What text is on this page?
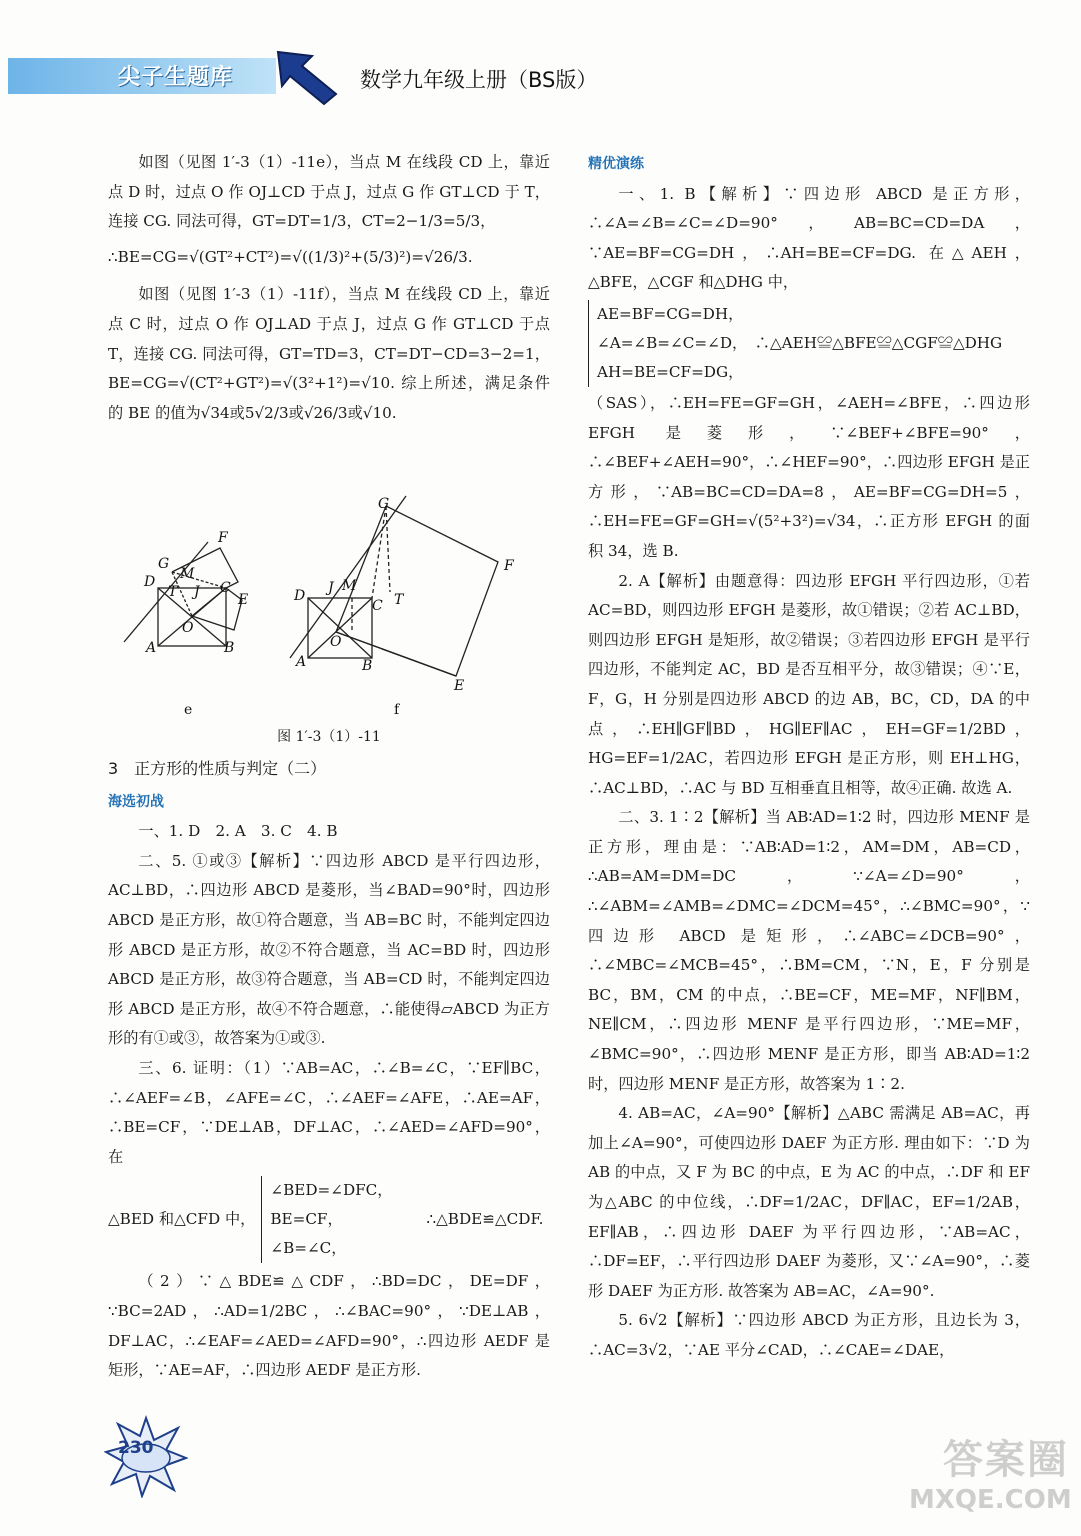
尖子生题库	数学九年级上册（BS版）

如图（见图 1′-3（1）-11e），当点 M 在线段 CD 上，靠近点 D 时，过点 O 作 OJ⊥CD 于点 J，过点 G 作 GT⊥CD 于 T，连接 CG. 同法可得，GT=DT=1/3，CT=2−1/3=5/3，

∴BE=CG=√(GT²+CT²)=√((1/3)²+(5/3)²)=√26/3.

如图（见图 1′-3（1）-11f），当点 M 在线段 CD 上，靠近点 C 时，过点 O 作 OJ⊥AD 于点 J，过点 G 作 GT⊥CD 于点 T，连接 CG. 同法可得，GT=TD=3，CT=DT−CD=3−2=1，BE=CG=√(CT²+GT²)=√(3²+1²)=√10. 综上所述，满足条件的 BE 的值为√34或5√2/3或√26/3或√10.

G
F
D M
C
T J	E
O
A	B
G
F
J M
D
C T
O
A	B
E
e	f
图 1′-3（1）-11

3　正方形的性质与判定（二）

海选初战

一、1. D　2. A　3. C　4. B

二、5. ①或③【解析】∵四边形 ABCD 是平行四边形，AC⊥BD，∴四边形 ABCD 是菱形，当∠BAD=90°时，四边形 ABCD 是正方形，故①符合题意，当 AB=BC 时，不能判定四边形 ABCD 是正方形，故②不符合题意，当 AC=BD 时，四边形 ABCD 是正方形，故③符合题意，当 AB=CD 时，不能判定四边形 ABCD 是正方形，故④不符合题意，∴能使得▱ABCD 为正方形的有①或③，故答案为①或③.

三、6. 证明：（1）∵AB=AC，∴∠B=∠C，∵EF∥BC，∴∠AEF=∠B，∠AFE=∠C，∴∠AEF=∠AFE，∴AE=AF，∴BE=CF，∵DE⊥AB，DF⊥AC，∴∠AED=∠AFD=90°，在

△BED 和△CFD 中，
∠BED=∠DFC，
BE=CF，
∠B=∠C，
∴△BDE≌△CDF.

（2）∵△BDE≌△CDF，∴BD=DC，DE=DF，∵BC=2AD，∴AD=1/2BC，∴∠BAC=90°，∵DE⊥AB，DF⊥AC，∴∠EAF=∠AED=∠AFD=90°，∴四边形 AEDF 是矩形，∵AE=AF，∴四边形 AEDF 是正方形.

精优演练

一、1. B【解析】∵四边形 ABCD 是正方形，∴∠A=∠B=∠C=∠D=90°，AB=BC=CD=DA，∵AE=BF=CG=DH，∴AH=BE=CF=DG. 在△AEH，△BFE，△CGF 和△DHG 中，

AE=BF=CG=DH，
∠A=∠B=∠C=∠D，　∴△AEH≌△BFE≌△CGF≌△DHG
AH=BE=CF=DG，

（SAS），∴EH=FE=GF=GH，∠AEH=∠BFE，∴四边形 EFGH 是菱形，∵∠BEF+∠BFE=90°，∴∠BEF+∠AEH=90°，∴∠HEF=90°，∴四边形 EFGH 是正方形，∵AB=BC=CD=DA=8，AE=BF=CG=DH=5，∴EH=FE=GF=GH=√(5²+3²)=√34，∴正方形 EFGH 的面积 34，选 B.

2. A【解析】由题意得：四边形 EFGH 平行四边形，①若 AC=BD，则四边形 EFGH 是菱形，故①错误；②若 AC⊥BD，则四边形 EFGH 是矩形，故②错误；③若四边形 EFGH 是平行四边形，不能判定 AC，BD 是否互相平分，故③错误；④∵E，F，G，H 分别是四边形 ABCD 的边 AB，BC，CD，DA 的中点，∴EH∥GF∥BD，HG∥EF∥AC，EH=GF=1/2BD，HG=EF=1/2AC，若四边形 EFGH 是正方形，则 EH⊥HG，∴AC⊥BD，∴AC 与 BD 互相垂直且相等，故④正确. 故选 A.

二、3. 1∶2【解析】当 AB∶AD=1∶2 时，四边形 MENF 是正方形，理由是：∵AB∶AD=1∶2，AM=DM，AB=CD，∴AB=AM=DM=DC，∵∠A=∠D=90°，∴∠ABM=∠AMB=∠DMC=∠DCM=45°，∴∠BMC=90°，∵四边形 ABCD 是矩形，∴∠ABC=∠DCB=90°，∴∠MBC=∠MCB=45°，∴BM=CM，∵N，E，F 分别是 BC，BM，CM 的中点，∴BE=CF，ME=MF，NF∥BM，NE∥CM，∴四边形 MENF 是平行四边形，∵ME=MF，∠BMC=90°，∴四边形 MENF 是正方形，即当 AB∶AD=1∶2 时，四边形 MENF 是正方形，故答案为 1∶2.

4. AB=AC，∠A=90°【解析】△ABC 需满足 AB=AC，再加上∠A=90°，可使四边形 DAEF 为正方形. 理由如下：∵D 为 AB 的中点，又 F 为 BC 的中点，E 为 AC 的中点，∴DF 和 EF 为△ABC 的中位线，∴DF=1/2AC，DF∥AC，EF=1/2AB，EF∥AB，∴四边形 DAEF 为平行四边形，∵AB=AC，∴DF=EF，∴平行四边形 DAEF 为菱形，又∵∠A=90°，∴菱形 DAEF 为正方形. 故答案为 AB=AC，∠A=90°.

5. 6√2【解析】∵四边形 ABCD 为正方形，且边长为 3，∴AC=3√2，∵AE 平分∠CAD，∴∠CAE=∠DAE，

230	答案圈
MXQE.COM
